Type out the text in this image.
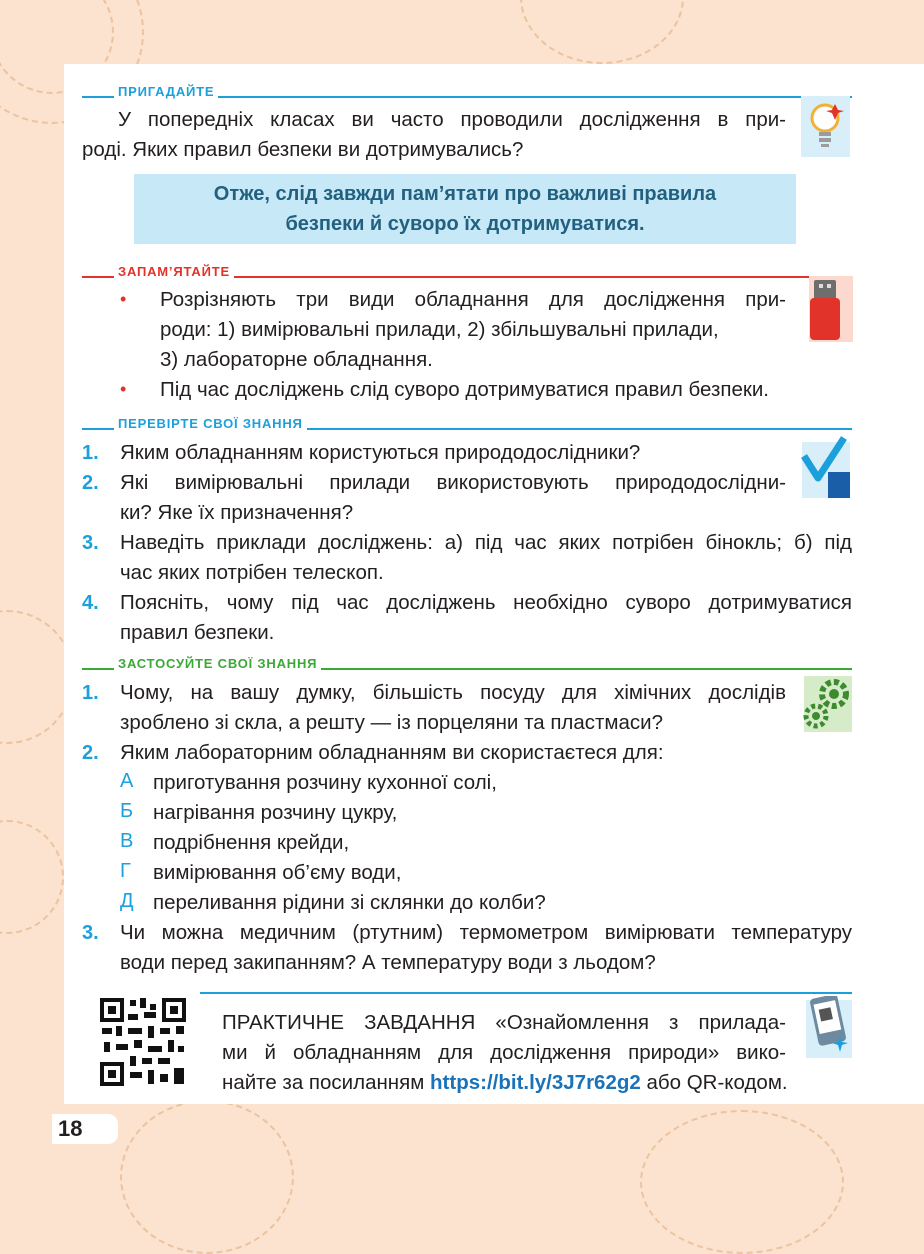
ПРИГАДАЙТЕ
У попередніх класах ви часто проводили дослідження в при-
роді. Яких правил безпеки ви дотримувались?
Отже, слід завжди пам’ятати про важливі правила
безпеки й суворо їх дотримуватися.
ЗАПАМ’ЯТАЙТЕ
• Розрізняють три види обладнання для дослідження при-
роди: 1) вимірювальні прилади, 2) збільшувальні прилади,
3) лабораторне обладнання.
• Під час досліджень слід суворо дотримуватися правил безпеки.
ПЕРЕВІРТЕ СВОЇ ЗНАННЯ
1. Яким обладнанням користуються природодослідники?
2. Які вимірювальні прилади використовують природодослідни-
ки? Яке їх призначення?
3. Наведіть приклади досліджень: а) під час яких потрібен бінокль; б) під
час яких потрібен телескоп.
4. Поясніть, чому під час досліджень необхідно суворо дотримуватися
правил безпеки.
ЗАСТОСУЙТЕ СВОЇ ЗНАННЯ
1. Чому, на вашу думку, більшість посуду для хімічних дослідів
зроблено зі скла, а решту — із порцеляни та пластмаси?
2. Яким лабораторним обладнанням ви скористаєтеся для:
А приготування розчину кухонної солі,
Б нагрівання розчину цукру,
В подрібнення крейди,
Г вимірювання об’єму води,
Д переливання рідини зі склянки до колби?
3. Чи можна медичним (ртутним) термометром вимірювати температуру
води перед закипанням? А температуру води з льодом?
ПРАКТИЧНЕ ЗАВДАННЯ «Ознайомлення з прилада-
ми й обладнанням для дослідження природи» вико-
найте за посиланням https://bit.ly/3J7r62g2 або QR-кодом.
18
